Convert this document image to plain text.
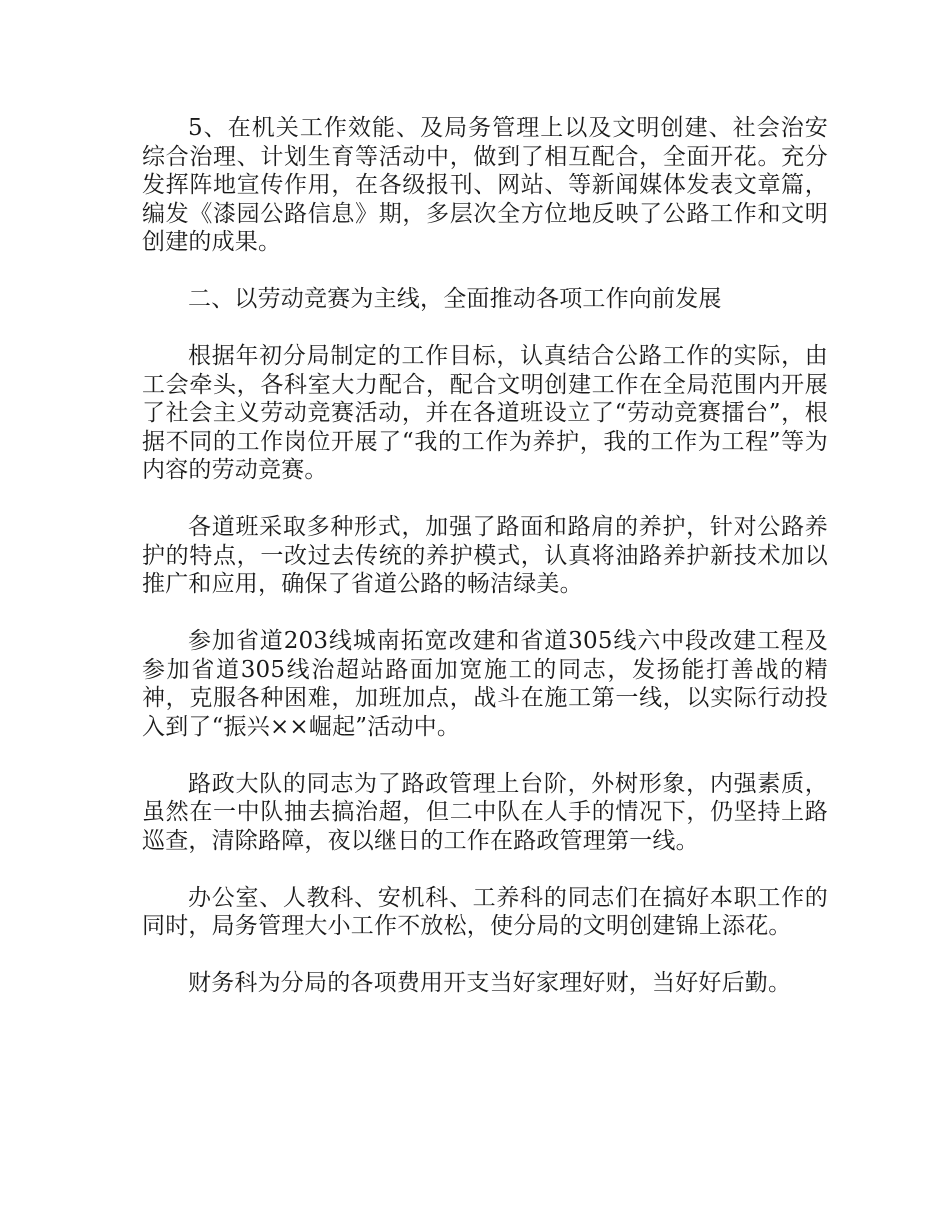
5、在机关工作效能、及局务管理上以及文明创建、社会治安综合治理、计划生育等活动中，做到了相互配合，全面开花。充分发挥阵地宣传作用，在各级报刊、网站、等新闻媒体发表文章篇，编发《漆园公路信息》期，多层次全方位地反映了公路工作和文明创建的成果。

二、以劳动竞赛为主线，全面推动各项工作向前发展

根据年初分局制定的工作目标，认真结合公路工作的实际，由工会牵头，各科室大力配合，配合文明创建工作在全局范围内开展了社会主义劳动竞赛活动，并在各道班设立了“劳动竞赛擂台”，根据不同的工作岗位开展了“我的工作为养护，我的工作为工程”等为内容的劳动竞赛。

各道班采取多种形式，加强了路面和路肩的养护，针对公路养护的特点，一改过去传统的养护模式，认真将油路养护新技术加以推广和应用，确保了省道公路的畅洁绿美。

参加省道203线城南拓宽改建和省道305线六中段改建工程及参加省道305线治超站路面加宽施工的同志，发扬能打善战的精神，克服各种困难，加班加点，战斗在施工第一线，以实际行动投入到了“振兴××崛起”活动中。

路政大队的同志为了路政管理上台阶，外树形象，内强素质，虽然在一中队抽去搞治超，但二中队在人手的情况下，仍坚持上路巡查，清除路障，夜以继日的工作在路政管理第一线。

办公室、人教科、安机科、工养科的同志们在搞好本职工作的同时，局务管理大小工作不放松，使分局的文明创建锦上添花。

财务科为分局的各项费用开支当好家理好财，当好好后勤。
